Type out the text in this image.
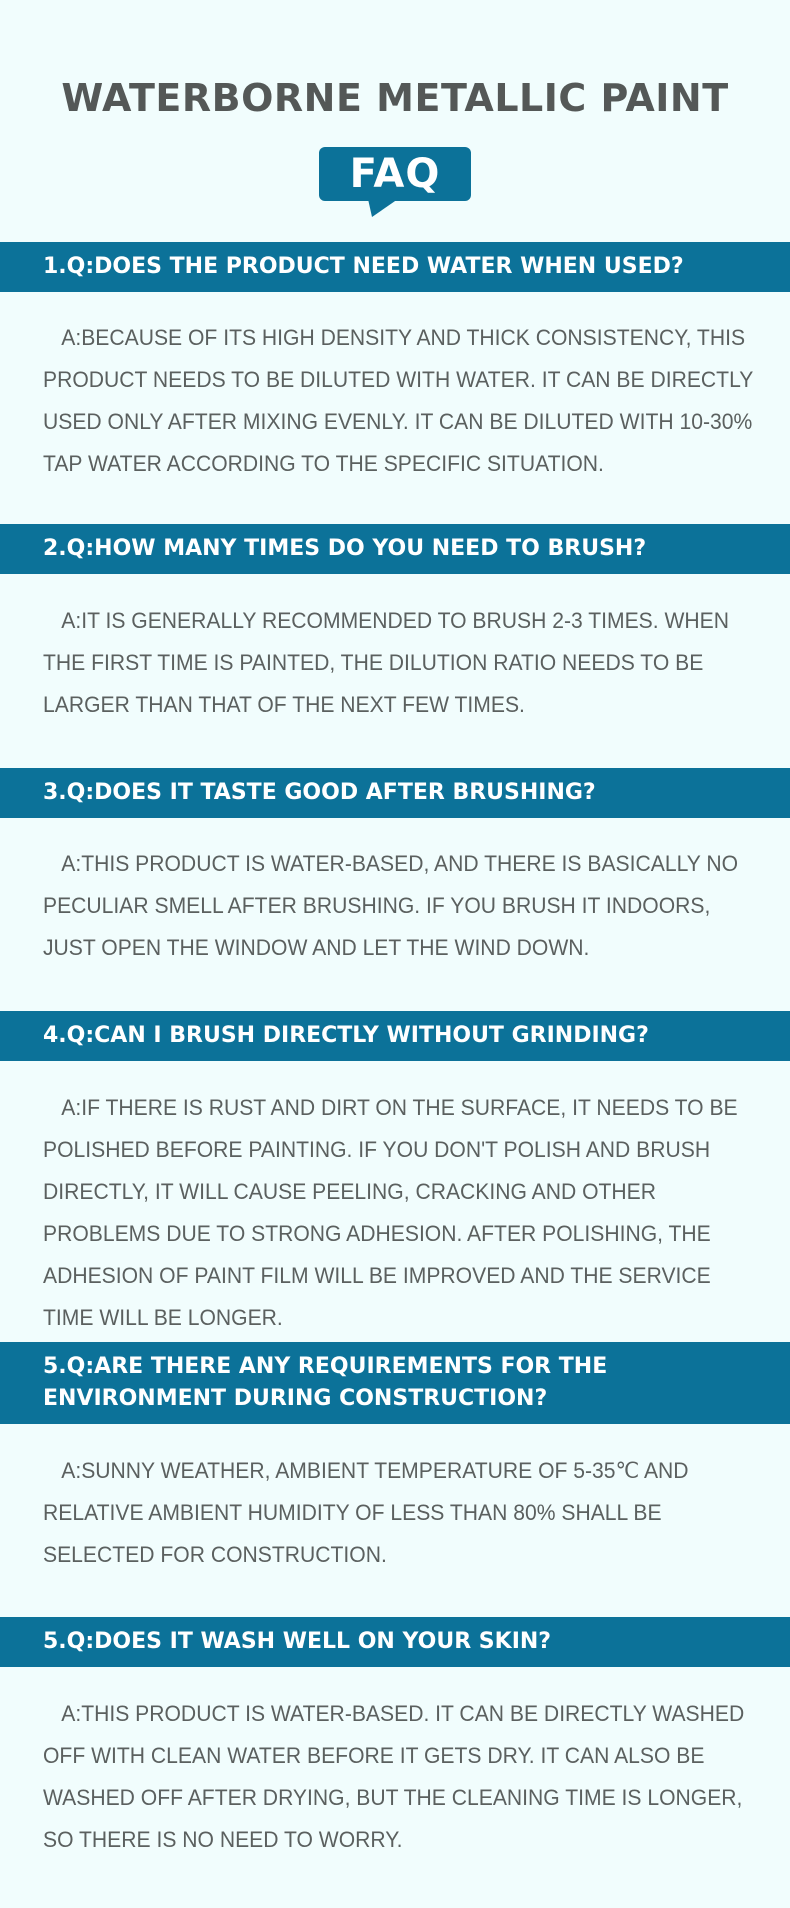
WATERBORNE METALLIC PAINT
FAQ
1.Q:DOES THE PRODUCT NEED WATER WHEN USED?

A:BECAUSE OF ITS HIGH DENSITY AND THICK CONSISTENCY, THIS PRODUCT NEEDS TO BE DILUTED WITH WATER. IT CAN BE DIRECTLY USED ONLY AFTER MIXING EVENLY. IT CAN BE DILUTED WITH 10-30% TAP WATER ACCORDING TO THE SPECIFIC SITUATION.

2.Q:HOW MANY TIMES DO YOU NEED TO BRUSH?

A:IT IS GENERALLY RECOMMENDED TO BRUSH 2-3 TIMES. WHEN THE FIRST TIME IS PAINTED, THE DILUTION RATIO NEEDS TO BE LARGER THAN THAT OF THE NEXT FEW TIMES.

3.Q:DOES IT TASTE GOOD AFTER BRUSHING?

A:THIS PRODUCT IS WATER-BASED, AND THERE IS BASICALLY NO PECULIAR SMELL AFTER BRUSHING. IF YOU BRUSH IT INDOORS, JUST OPEN THE WINDOW AND LET THE WIND DOWN.

4.Q:CAN I BRUSH DIRECTLY WITHOUT GRINDING?

A:IF THERE IS RUST AND DIRT ON THE SURFACE, IT NEEDS TO BE POLISHED BEFORE PAINTING. IF YOU DON'T POLISH AND BRUSH DIRECTLY, IT WILL CAUSE PEELING, CRACKING AND OTHER PROBLEMS DUE TO STRONG ADHESION. AFTER POLISHING, THE ADHESION OF PAINT FILM WILL BE IMPROVED AND THE SERVICE TIME WILL BE LONGER.

5.Q:ARE THERE ANY REQUIREMENTS FOR THE ENVIRONMENT DURING CONSTRUCTION?

A:SUNNY WEATHER, AMBIENT TEMPERATURE OF 5-35℃ AND RELATIVE AMBIENT HUMIDITY OF LESS THAN 80% SHALL BE SELECTED FOR CONSTRUCTION.

5.Q:DOES IT WASH WELL ON YOUR SKIN?

A:THIS PRODUCT IS WATER-BASED. IT CAN BE DIRECTLY WASHED OFF WITH CLEAN WATER BEFORE IT GETS DRY. IT CAN ALSO BE WASHED OFF AFTER DRYING, BUT THE CLEANING TIME IS LONGER, SO THERE IS NO NEED TO WORRY.
